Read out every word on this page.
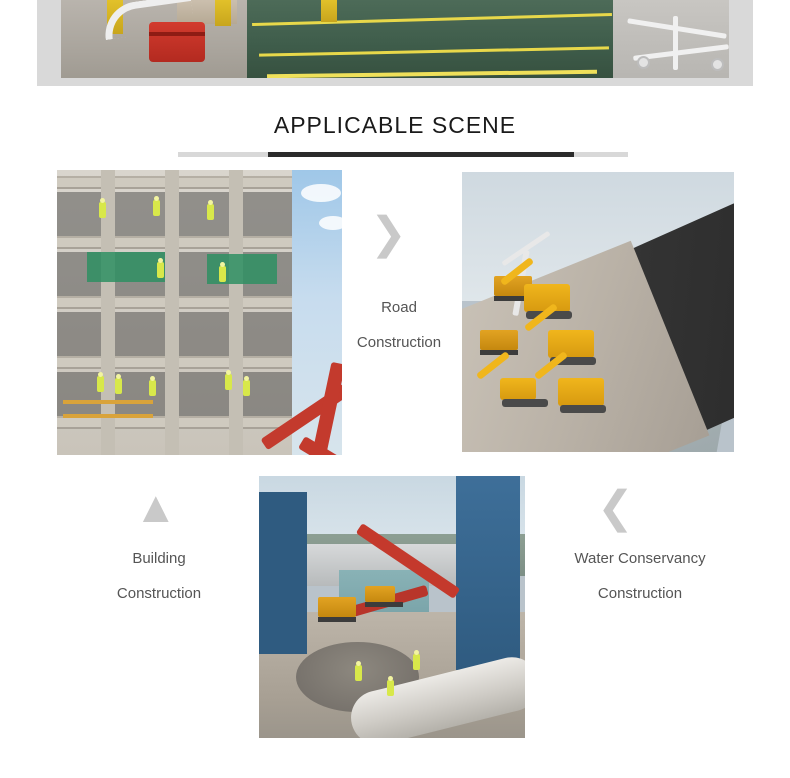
APPLICABLE SCENE
❯
▲	❮
Road
Construction
Building
Construction
Water Conservancy
Construction
